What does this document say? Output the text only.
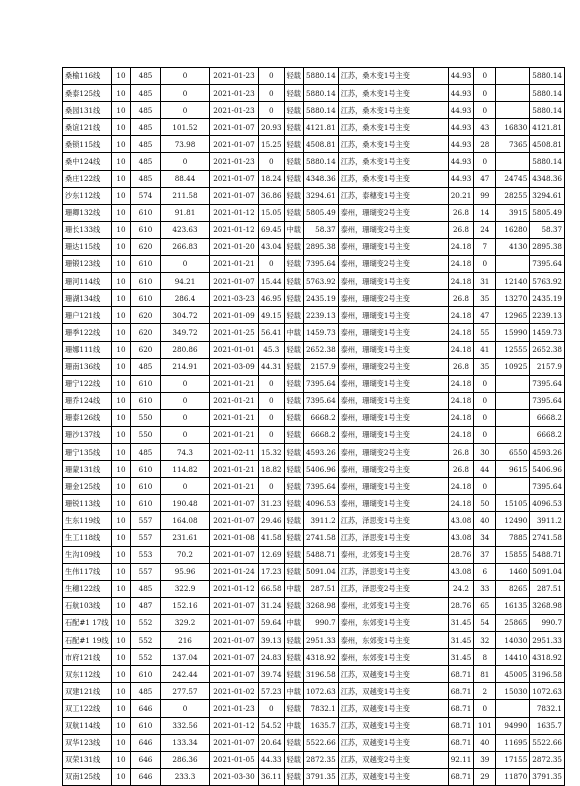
桑榆116线	10	485	0	2021-01-23	0	轻载	5880.14	江苏，桑木变1号主变	44.93	0		5880.14
桑泰125线	10	485	0	2021-01-23	0	轻载	5880.14	江苏，桑木变1号主变	44.93	0		5880.14
桑园131线	10	485	0	2021-01-23	0	轻载	5880.14	江苏，桑木变1号主变	44.93	0		5880.14
桑谊121线	10	485	101.52	2021-01-07	20.93	轻载	4121.81	江苏，桑木变1号主变	44.93	43	16830	4121.81
桑锁115线	10	485	73.98	2021-01-07	15.25	轻载	4508.81	江苏，桑木变1号主变	44.93	28	7365	4508.81
桑中124线	10	485	0	2021-01-23	0	轻载	5880.14	江苏，桑木变1号主变	44.93	0		5880.14
桑庄122线	10	485	88.44	2021-01-07	18.24	轻载	4348.36	江苏，桑木变1号主变	44.93	47	24745	4348.36
沙东112线	10	574	211.58	2021-01-07	36.86	轻载	3294.61	江苏，泰穗变1号主变	20.21	99	28255	3294.61
珊卿132线	10	610	91.81	2021-01-12	15.05	轻载	5805.49	泰州，珊瑚变2号主变	26.8	14	3915	5805.49
珊长133线	10	610	423.63	2021-01-12	69.45	中载	58.37	泰州，珊瑚变2号主变	26.8	24	16280	58.37
珊达115线	10	620	266.83	2021-01-20	43.04	轻载	2895.38	泰州，珊瑚变1号主变	24.18	7	4130	2895.38
珊锻123线	10	610	0	2021-01-21	0	轻载	7395.64	泰州，珊瑚变2号主变	24.18	0		7395.64
珊河114线	10	610	94.21	2021-01-07	15.44	轻载	5763.92	泰州，珊瑚变1号主变	24.18	31	12140	5763.92
珊湖134线	10	610	286.4	2021-03-23	46.95	轻载	2435.19	泰州，珊瑚变2号主变	26.8	35	13270	2435.19
珊户121线	10	620	304.72	2021-01-09	49.15	轻载	2239.13	泰州，珊瑚变1号主变	24.18	47	12965	2239.13
珊季122线	10	620	349.72	2021-01-25	56.41	中载	1459.73	泰州，珊瑚变1号主变	24.18	55	15990	1459.73
珊娜111线	10	620	280.86	2021-01-01	45.3	轻载	2652.38	泰州，珊瑚变1号主变	24.18	41	12555	2652.38
珊南136线	10	485	214.91	2021-03-09	44.31	轻载	2157.9	泰州，珊瑚变2号主变	26.8	35	10925	2157.9
珊宁122线	10	610	0	2021-01-21	0	轻载	7395.64	泰州，珊瑚变1号主变	24.18	0		7395.64
珊乔124线	10	610	0	2021-01-21	0	轻载	7395.64	泰州，珊瑚变1号主变	24.18	0		7395.64
珊泰126线	10	550	0	2021-01-21	0	轻载	6668.2	泰州，珊瑚变1号主变	24.18	0		6668.2
珊沙137线	10	550	0	2021-01-21	0	轻载	6668.2	泰州，珊瑚变1号主变	24.18	0		6668.2
珊宁135线	10	485	74.3	2021-02-11	15.32	轻载	4593.26	泰州，珊瑚变2号主变	26.8	30	6550	4593.26
珊蒙131线	10	610	114.82	2021-01-21	18.82	轻载	5406.96	泰州，珊瑚变2号主变	26.8	44	9615	5406.96
珊金125线	10	610	0	2021-01-21	0	轻载	7395.64	泰州，珊瑚变1号主变	24.18	0		7395.64
珊锐113线	10	610	190.48	2021-01-07	31.23	轻载	4096.53	泰州，珊瑚变1号主变	24.18	50	15105	4096.53
生东119线	10	557	164.08	2021-01-07	29.46	轻载	3911.2	江苏，泽思变1号主变	43.08	40	12490	3911.2
生工118线	10	557	231.61	2021-01-08	41.58	轻载	2741.58	江苏，泽思变1号主变	43.08	34	7885	2741.58
生沟109线	10	553	70.2	2021-01-07	12.69	轻载	5488.71	泰州，北郊变1号主变	28.76	37	15855	5488.71
生伟117线	10	557	95.96	2021-01-24	17.23	轻载	5091.04	江苏，泽思变1号主变	43.08	6	1460	5091.04
生穗122线	10	485	322.9	2021-01-12	66.58	中载	287.51	江苏，泽思变2号主变	24.2	33	8265	287.51
石航103线	10	487	152.16	2021-01-07	31.24	轻载	3268.98	泰州，北郊变1号主变	28.76	65	16135	3268.98
石配#1 17线	10	552	329.2	2021-01-07	59.64	中载	990.7	泰州，东郊变1号主变	31.45	54	25865	990.7
石配#1 19线	10	552	216	2021-01-07	39.13	轻载	2951.33	泰州，东郊变1号主变	31.45	32	14030	2951.33
市府121线	10	552	137.04	2021-01-07	24.83	轻载	4318.92	泰州，东郊变1号主变	31.45	8	14410	4318.92
双东112线	10	610	242.44	2021-01-07	39.74	轻载	3196.58	江苏，双越变1号主变	68.71	81	45005	3196.58
双建121线	10	485	277.57	2021-01-02	57.23	中载	1072.63	江苏，双越变1号主变	68.71	2	15030	1072.63
双工122线	10	646	0	2021-01-23	0	轻载	7832.1	江苏，双越变1号主变	68.71	0		7832.1
双航114线	10	610	332.56	2021-01-12	54.52	中载	1635.7	江苏，双越变1号主变	68.71	101	94990	1635.7
双华123线	10	646	133.34	2021-01-07	20.64	轻载	5522.66	江苏，双越变1号主变	68.71	40	11695	5522.66
双荣131线	10	646	286.36	2021-01-05	44.33	轻载	2872.35	江苏，双越变2号主变	92.11	39	17155	2872.35
双南125线	10	646	233.3	2021-03-30	36.11	轻载	3791.35	江苏，双越变1号主变	68.71	29	11870	3791.35
